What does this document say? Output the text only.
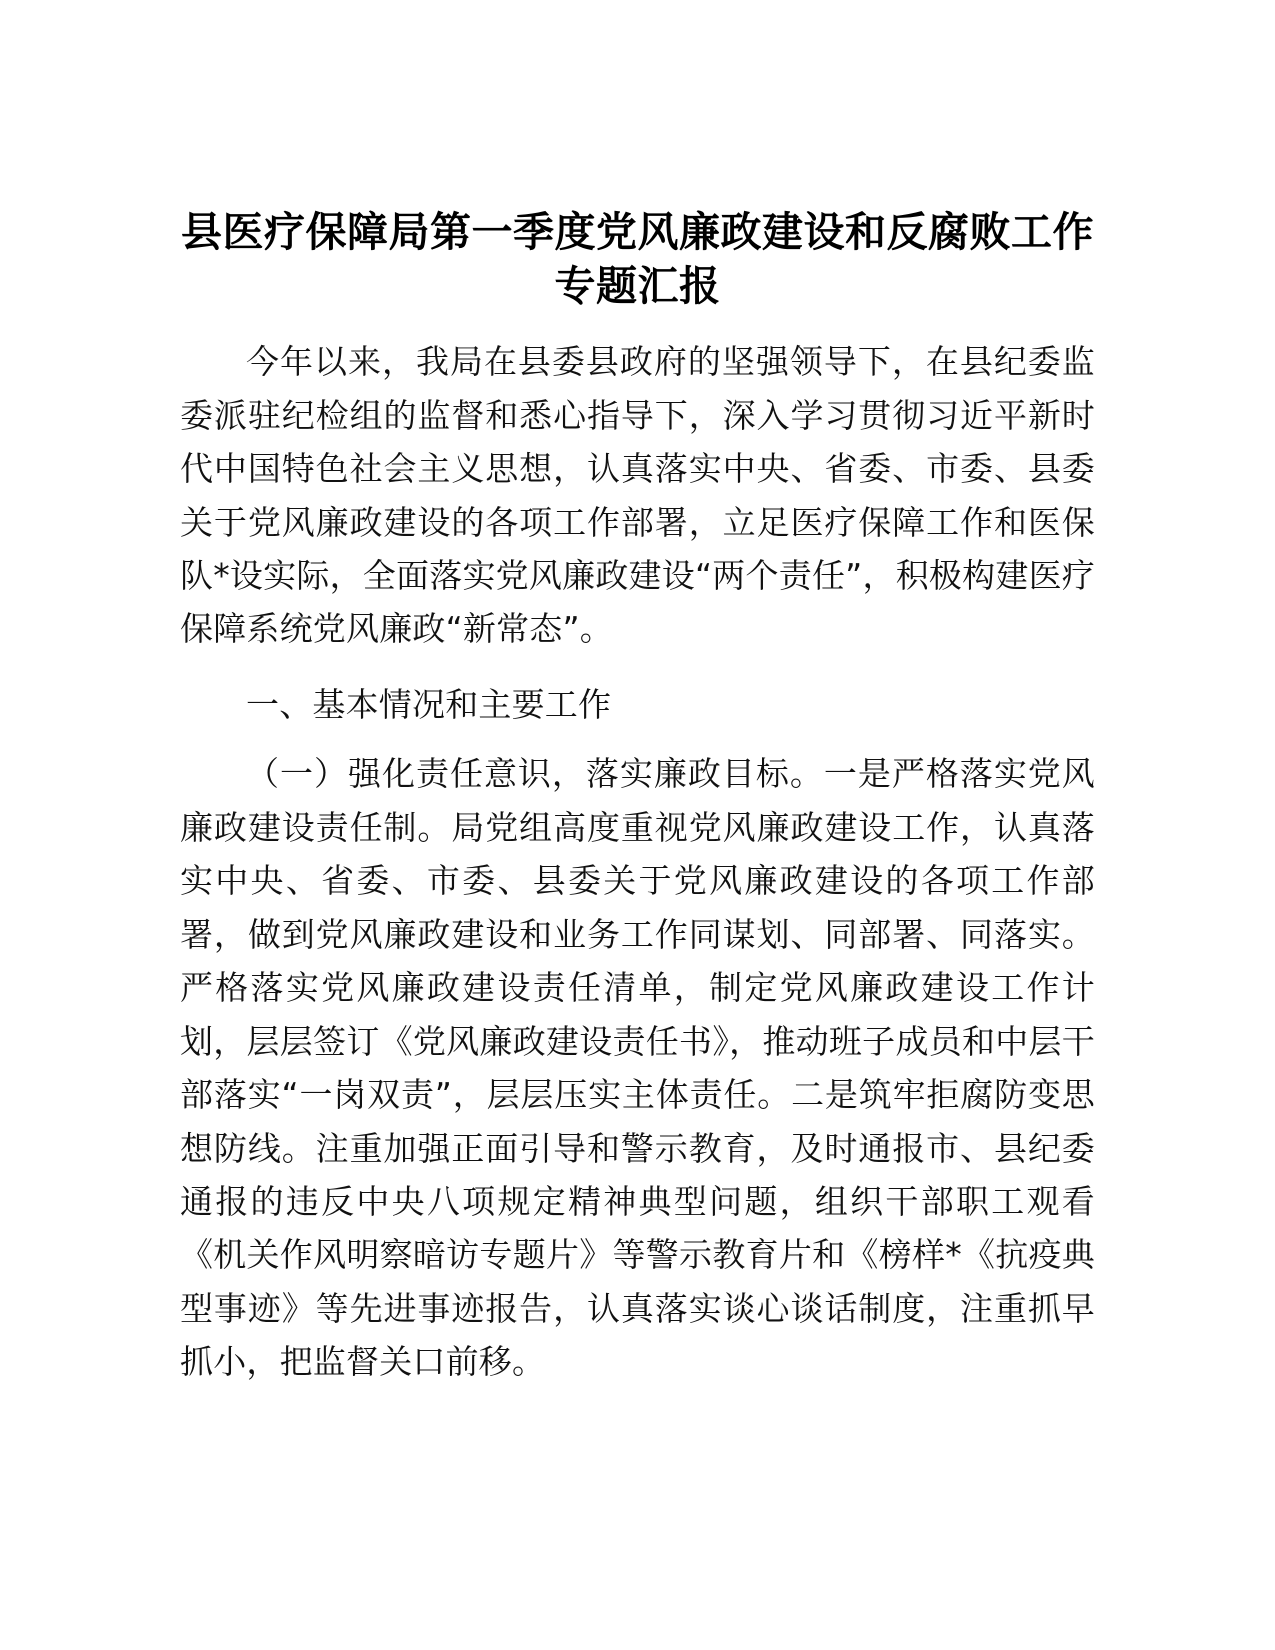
县医疗保障局第一季度党风廉政建设和反腐败工作专题汇报

今年以来，我局在县委县政府的坚强领导下，在县纪委监委派驻纪检组的监督和悉心指导下，深入学习贯彻习近平新时代中国特色社会主义思想，认真落实中央、省委、市委、县委关于党风廉政建设的各项工作部署，立足医疗保障工作和医保队*设实际，全面落实党风廉政建设“两个责任”，积极构建医疗保障系统党风廉政“新常态”。

一、基本情况和主要工作

（一）强化责任意识，落实廉政目标。一是严格落实党风廉政建设责任制。局党组高度重视党风廉政建设工作，认真落实中央、省委、市委、县委关于党风廉政建设的各项工作部署，做到党风廉政建设和业务工作同谋划、同部署、同落实。严格落实党风廉政建设责任清单，制定党风廉政建设工作计划，层层签订《党风廉政建设责任书》，推动班子成员和中层干部落实“一岗双责”，层层压实主体责任。二是筑牢拒腐防变思想防线。注重加强正面引导和警示教育，及时通报市、县纪委通报的违反中央八项规定精神典型问题，组织干部职工观看《机关作风明察暗访专题片》等警示教育片和《榜样*《抗疫典型事迹》等先进事迹报告，认真落实谈心谈话制度，注重抓早抓小，把监督关口前移。
